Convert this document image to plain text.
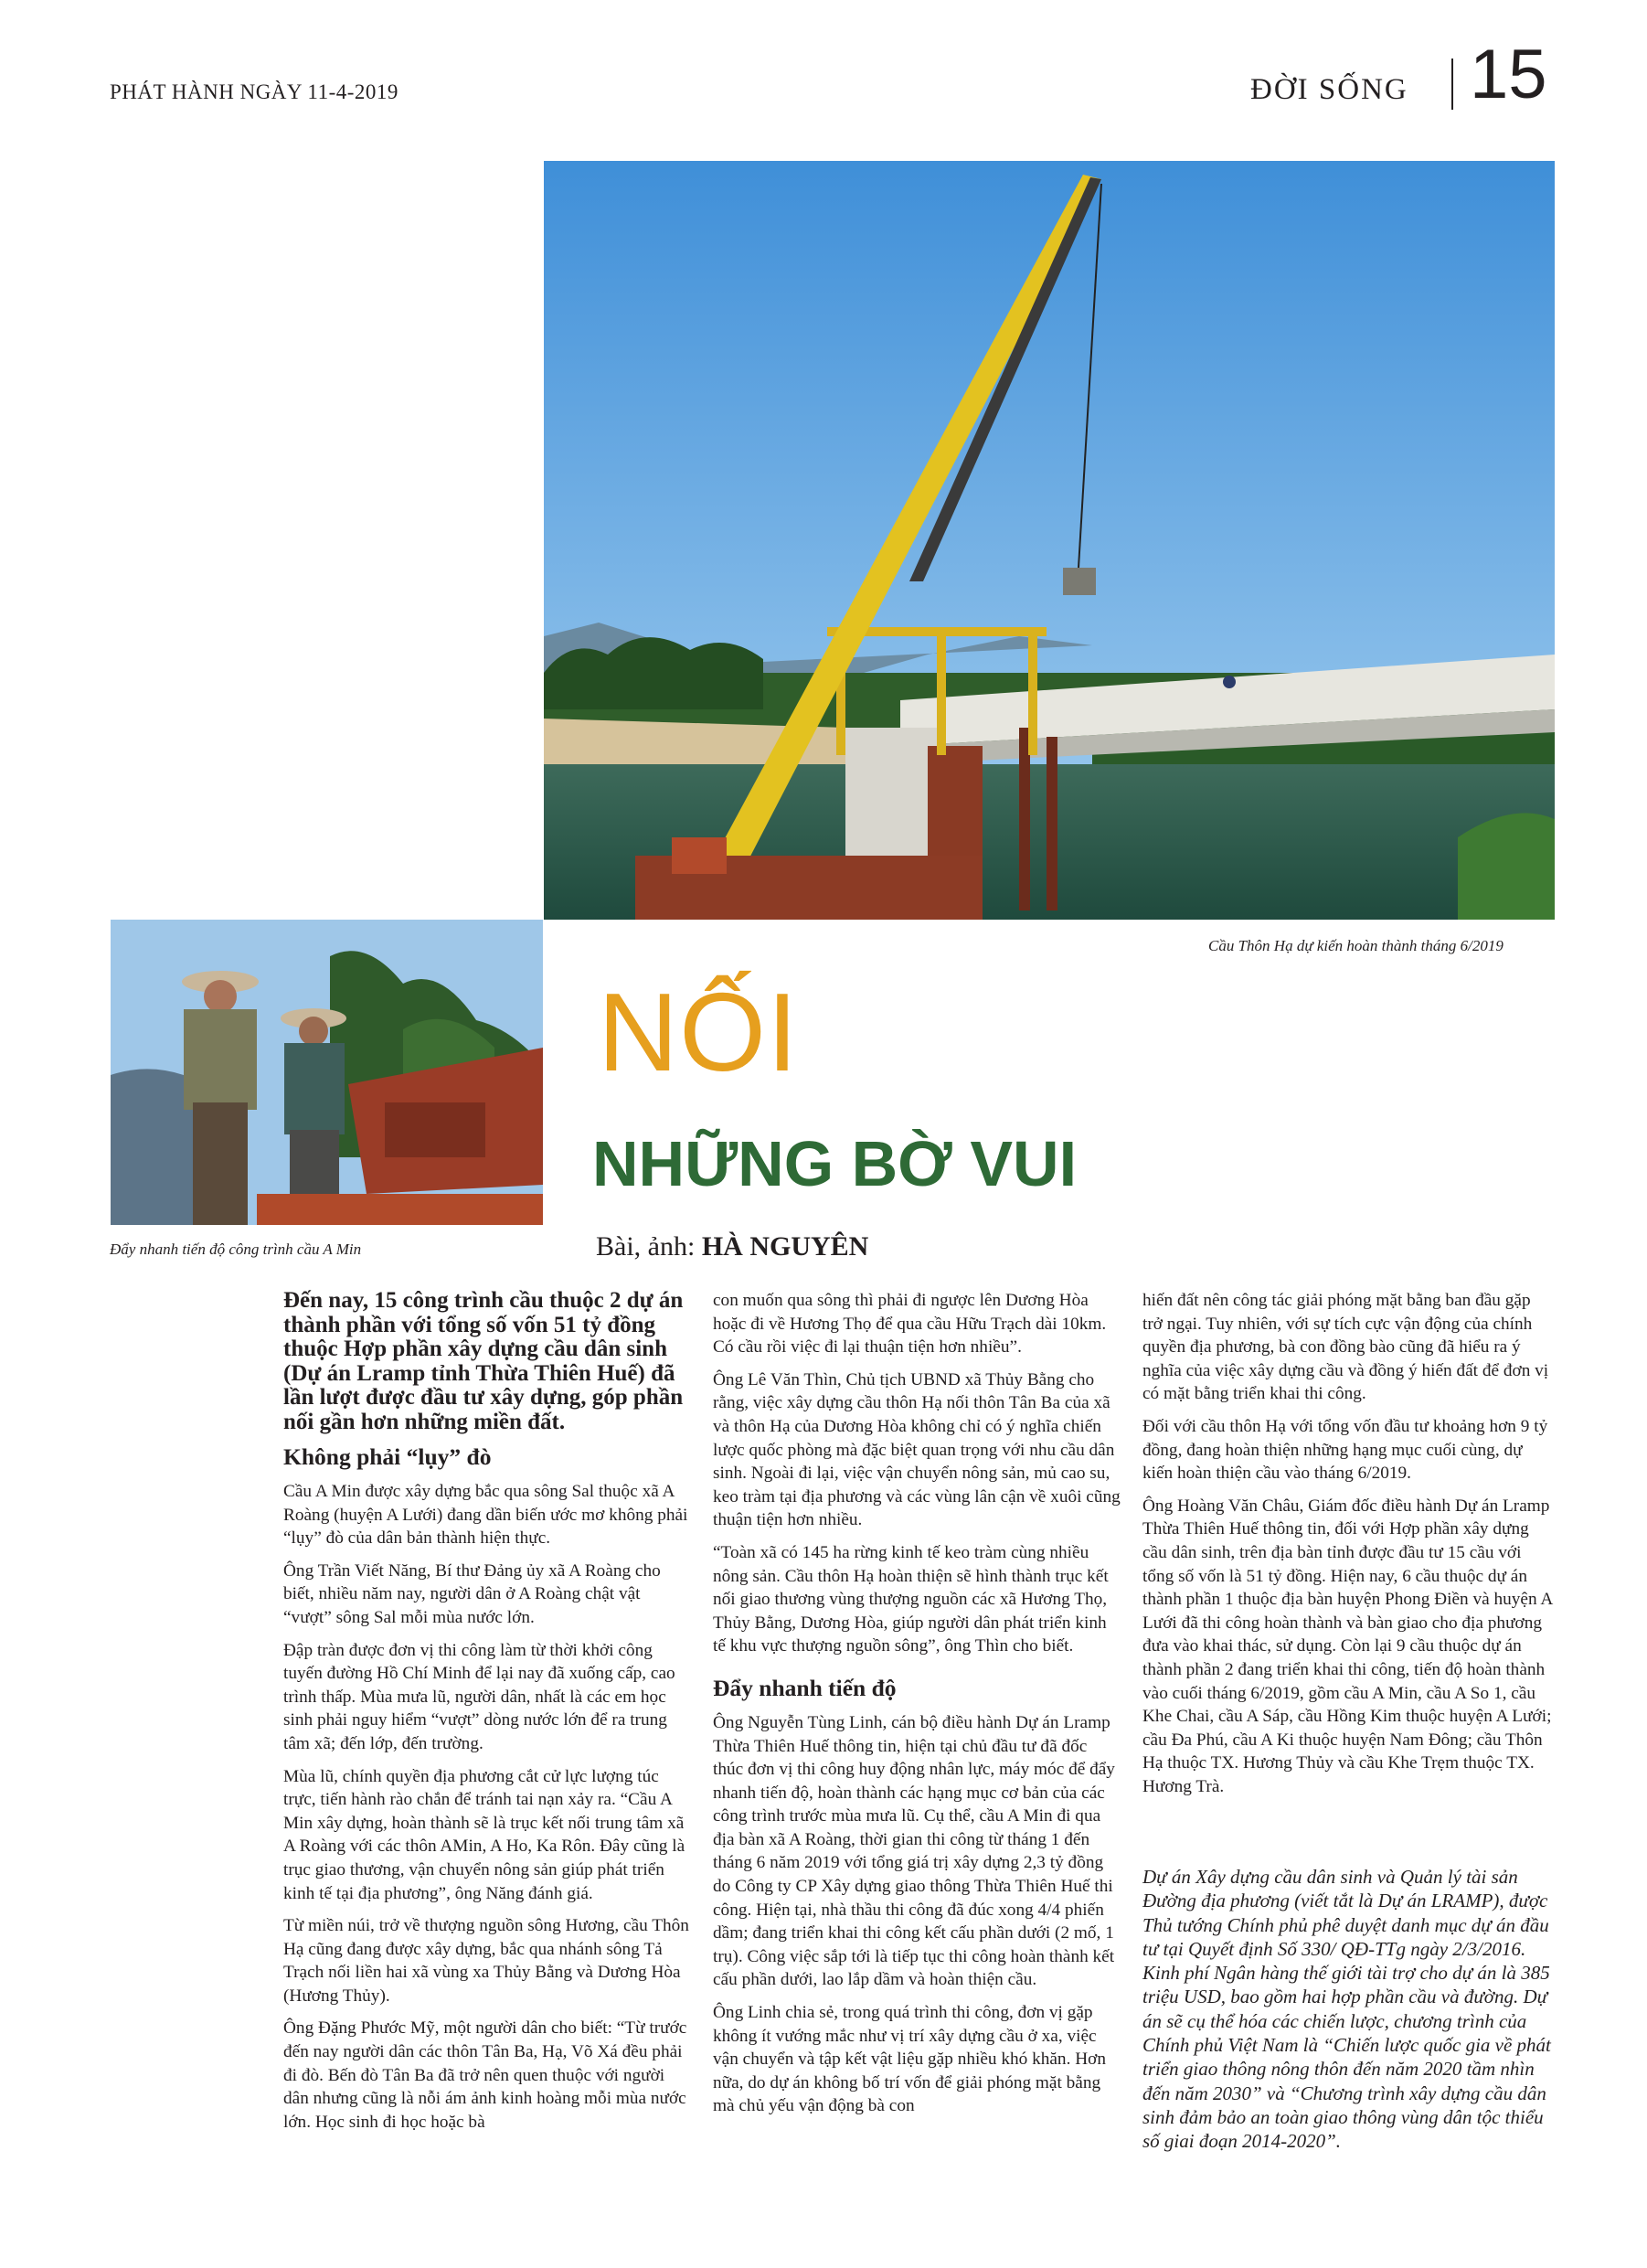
PHÁT HÀNH NGÀY 11-4-2019	ĐỜI SỐNG 15
Cầu Thôn Hạ dự kiến hoàn thành tháng 6/2019
Đẩy nhanh tiến độ công trình cầu A Min
NỐI
NHỮNG BỜ VUI
Bài, ảnh: HÀ NGUYÊN

Đến nay, 15 công trình cầu thuộc 2 dự án thành phần với tổng số vốn 51 tỷ đồng thuộc Hợp phần xây dựng cầu dân sinh (Dự án Lramp tỉnh Thừa Thiên Huế) đã lần lượt được đầu tư xây dựng, góp phần nối gần hơn những miền đất.

Không phải “lụy” đò

Cầu A Min được xây dựng bắc qua sông Sal thuộc xã A Roàng (huyện A Lưới) đang dần biến ước mơ không phải “lụy” đò của dân bản thành hiện thực.

Ông Trần Viết Năng, Bí thư Đảng ủy xã A Roàng cho biết, nhiều năm nay, người dân ở A Roàng chật vật “vượt” sông Sal mỗi mùa nước lớn.

Đập tràn được đơn vị thi công làm từ thời khởi công tuyến đường Hồ Chí Minh để lại nay đã xuống cấp, cao trình thấp. Mùa mưa lũ, người dân, nhất là các em học sinh phải nguy hiểm “vượt” dòng nước lớn để ra trung tâm xã; đến lớp, đến trường.

Mùa lũ, chính quyền địa phương cắt cử lực lượng túc trực, tiến hành rào chắn để tránh tai nạn xảy ra. “Cầu A Min xây dựng, hoàn thành sẽ là trục kết nối trung tâm xã A Roàng với các thôn AMin, A Ho, Ka Rôn. Đây cũng là trục giao thương, vận chuyển nông sản giúp phát triển kinh tế tại địa phương”, ông Năng đánh giá.

Từ miền núi, trở về thượng nguồn sông Hương, cầu Thôn Hạ cũng đang được xây dựng, bắc qua nhánh sông Tả Trạch nối liền hai xã vùng xa Thủy Bằng và Dương Hòa (Hương Thủy).

Ông Đặng Phước Mỹ, một người dân cho biết: “Từ trước đến nay người dân các thôn Tân Ba, Hạ, Võ Xá đều phải đi đò. Bến đò Tân Ba đã trở nên quen thuộc với người dân nhưng cũng là nỗi ám ảnh kinh hoàng mỗi mùa nước lớn. Học sinh đi học hoặc bà

con muốn qua sông thì phải đi ngược lên Dương Hòa hoặc đi về Hương Thọ để qua cầu Hữu Trạch dài 10km. Có cầu rồi việc đi lại thuận tiện hơn nhiều”.

Ông Lê Văn Thìn, Chủ tịch UBND xã Thủy Bằng cho rằng, việc xây dựng cầu thôn Hạ nối thôn Tân Ba của xã và thôn Hạ của Dương Hòa không chỉ có ý nghĩa chiến lược quốc phòng mà đặc biệt quan trọng với nhu cầu dân sinh. Ngoài đi lại, việc vận chuyển nông sản, mủ cao su, keo tràm tại địa phương và các vùng lân cận về xuôi cũng thuận tiện hơn nhiều.

“Toàn xã có 145 ha rừng kinh tế keo tràm cùng nhiều nông sản. Cầu thôn Hạ hoàn thiện sẽ hình thành trục kết nối giao thương vùng thượng nguồn các xã Hương Thọ, Thủy Bằng, Dương Hòa, giúp người dân phát triển kinh tế khu vực thượng nguồn sông”, ông Thìn cho biết.

Đẩy nhanh tiến độ

Ông Nguyễn Tùng Linh, cán bộ điều hành Dự án Lramp Thừa Thiên Huế thông tin, hiện tại chủ đầu tư đã đốc thúc đơn vị thi công huy động nhân lực, máy móc để đẩy nhanh tiến độ, hoàn thành các hạng mục cơ bản của các công trình trước mùa mưa lũ. Cụ thể, cầu A Min đi qua địa bàn xã A Roàng, thời gian thi công từ tháng 1 đến tháng 6 năm 2019 với tổng giá trị xây dựng 2,3 tỷ đồng do Công ty CP Xây dựng giao thông Thừa Thiên Huế thi công. Hiện tại, nhà thầu thi công đã đúc xong 4/4 phiến dầm; đang triển khai thi công kết cấu phần dưới (2 mố, 1 trụ). Công việc sắp tới là tiếp tục thi công hoàn thành kết cấu phần dưới, lao lắp dầm và hoàn thiện cầu.

Ông Linh chia sẻ, trong quá trình thi công, đơn vị gặp không ít vướng mắc như vị trí xây dựng cầu ở xa, việc vận chuyển và tập kết vật liệu gặp nhiều khó khăn. Hơn nữa, do dự án không bố trí vốn để giải phóng mặt bằng mà chủ yếu vận động bà con

hiến đất nên công tác giải phóng mặt bằng ban đầu gặp trở ngại. Tuy nhiên, với sự tích cực vận động của chính quyền địa phương, bà con đồng bào cũng đã hiểu ra ý nghĩa của việc xây dựng cầu và đồng ý hiến đất để đơn vị có mặt bằng triển khai thi công.

Đối với cầu thôn Hạ với tổng vốn đầu tư khoảng hơn 9 tỷ đồng, đang hoàn thiện những hạng mục cuối cùng, dự kiến hoàn thiện cầu vào tháng 6/2019.

Ông Hoàng Văn Châu, Giám đốc điều hành Dự án Lramp Thừa Thiên Huế thông tin, đối với Hợp phần xây dựng cầu dân sinh, trên địa bàn tỉnh được đầu tư 15 cầu với tổng số vốn là 51 tỷ đồng. Hiện nay, 6 cầu thuộc dự án thành phần 1 thuộc địa bàn huyện Phong Điền và huyện A Lưới đã thi công hoàn thành và bàn giao cho địa phương đưa vào khai thác, sử dụng. Còn lại 9 cầu thuộc dự án thành phần 2 đang triển khai thi công, tiến độ hoàn thành vào cuối tháng 6/2019, gồm cầu A Min, cầu A So 1, cầu Khe Chai, cầu A Sáp, cầu Hồng Kim thuộc huyện A Lưới; cầu Đa Phú, cầu A Ki thuộc huyện Nam Đông; cầu Thôn Hạ thuộc TX. Hương Thủy và cầu Khe Trẹm thuộc TX. Hương Trà.

Dự án Xây dựng cầu dân sinh và Quản lý tài sản Đường địa phương (viết tắt là Dự án LRAMP), được Thủ tướng Chính phủ phê duyệt danh mục dự án đầu tư tại Quyết định Số 330/ QĐ-TTg ngày 2/3/2016. Kinh phí Ngân hàng thế giới tài trợ cho dự án là 385 triệu USD, bao gồm hai hợp phần cầu và đường. Dự án sẽ cụ thể hóa các chiến lược, chương trình của Chính phủ Việt Nam là “Chiến lược quốc gia về phát triển giao thông nông thôn đến năm 2020 tầm nhìn đến năm 2030” và “Chương trình xây dựng cầu dân sinh đảm bảo an toàn giao thông vùng dân tộc thiểu số giai đoạn 2014-2020”.
